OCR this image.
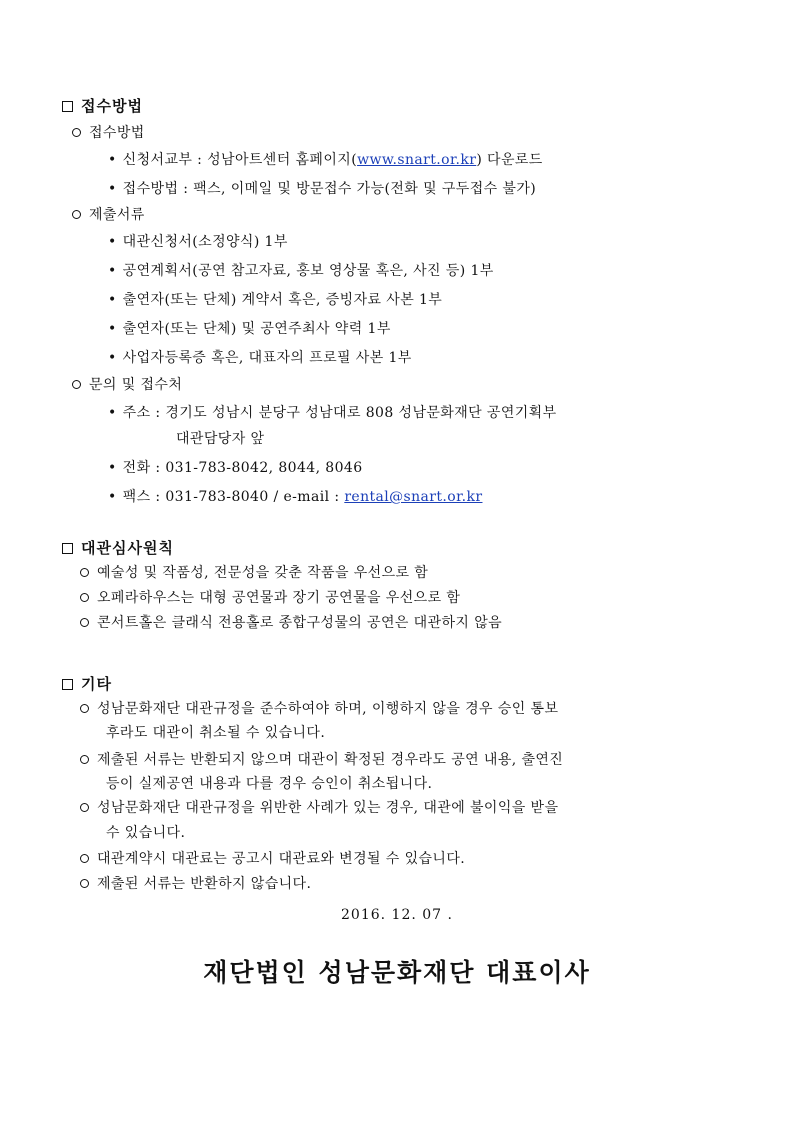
접수방법
접수방법
• 신청서교부 : 성남아트센터 홈페이지(www.snart.or.kr) 다운로드
• 접수방법 : 팩스, 이메일 및 방문접수 가능(전화 및 구두접수 불가)
제출서류
• 대관신청서(소정양식) 1부
• 공연계획서(공연 참고자료, 홍보 영상물 혹은, 사진 등) 1부
• 출연자(또는 단체) 계약서 혹은, 증빙자료 사본 1부
• 출연자(또는 단체) 및 공연주최사 약력 1부
• 사업자등록증 혹은, 대표자의 프로필 사본 1부
문의 및 접수처
• 주소 : 경기도 성남시 분당구 성남대로 808 성남문화재단 공연기획부
대관담당자 앞
• 전화 : 031-783-8042, 8044, 8046
• 팩스 : 031-783-8040 / e-mail : rental@snart.or.kr
대관심사원칙
예술성 및 작품성, 전문성을 갖춘 작품을 우선으로 함
오페라하우스는 대형 공연물과 장기 공연물을 우선으로 함
콘서트홀은 클래식 전용홀로 종합구성물의 공연은 대관하지 않음
기타
성남문화재단 대관규정을 준수하여야 하며, 이행하지 않을 경우 승인 통보
후라도 대관이 취소될 수 있습니다.
제출된 서류는 반환되지 않으며 대관이 확정된 경우라도 공연 내용, 출연진
등이 실제공연 내용과 다를 경우 승인이 취소됩니다.
성남문화재단 대관규정을 위반한 사례가 있는 경우, 대관에 불이익을 받을
수 있습니다.
대관계약시 대관료는 공고시 대관료와 변경될 수 있습니다.
제출된 서류는 반환하지 않습니다.
2016. 12. 07 .
재단법인 성남문화재단 대표이사
